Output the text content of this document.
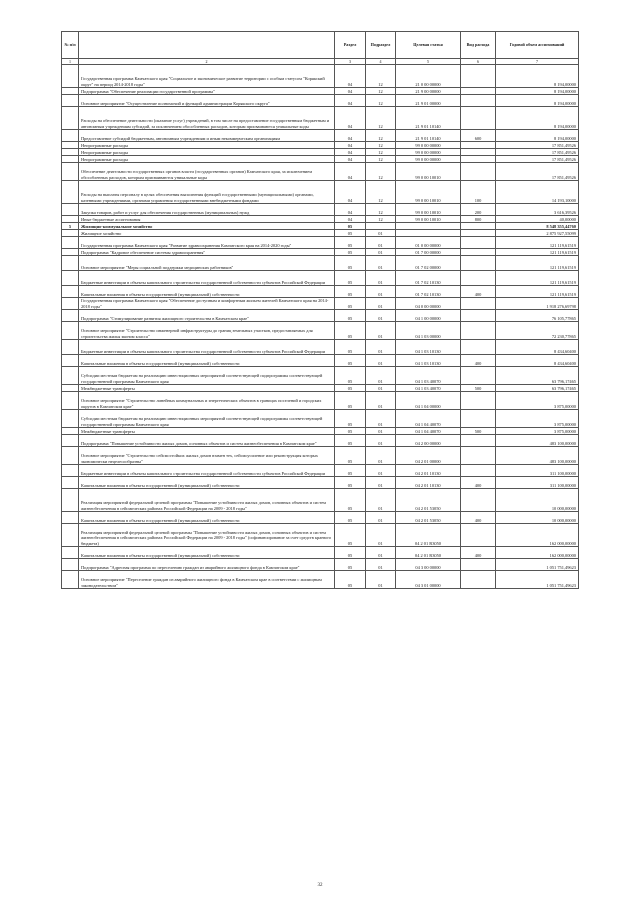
№ п/п		Раздел	Подраздел	Целевая статья	Вид расхода	Годовой объем ассигнований
1	2	3	4	5	6	7
	Государственная программа Камчатского края "Социальное и экономическое развитие территории с особым статусом "Корякский округ" на период 2014-2018 годы"	04	12	21 0 00 00000		8 194,00000
	Подпрограмма "Обеспечение реализации государственной программы"	04	12	21 9 00 00000		8 194,00000
	Основное мероприятие "Осуществление полномочий и функций администрации Корякского округа"	04	12	21 9 01 00000		8 194,00000
	Расходы на обеспечение деятельности (оказание услуг) учреждений, в том числе на предоставление государственным бюджетным и автономным учреждениям субсидий, за исключением обособленных расходов, которым присваиваются уникальные коды	04	12	21 9 01 10140		8 194,00000
	Предоставление субсидий бюджетным, автономным учреждениям и иным некоммерческим организациям	04	12	21 9 01 10140	600	8 194,00000
	Непрограммные расходы	04	12	99 0 00 00000		17 851,49526
	Непрограммные расходы	04	12	99 0 00 00000		17 851,49526
	Непрограммные расходы	04	12	99 0 00 00000		17 851,49526
	Обеспечение деятельности государственных органов власти (государственных органов) Камчатского края, за исключением обособленных расходов, которым присваиваются уникальные коды	04	12	99 0 00 10010		17 851,49526
	Расходы на выплаты персоналу в целях обеспечения выполнения функций государственными (муниципальными) органами, казенными учреждениями, органами управления государственными внебюджетными фондами	04	12	99 0 00 10010	100	14 193,10000
	Закупка товаров, работ и услуг для обеспечения государственных (муниципальных) нужд	04	12	99 0 00 10010	200	3 616,39526
	Иные бюджетные ассигнования	04	12	99 0 00 10010	800	40,00000
5	Жилищно-коммунальное хозяйство	05				8 548 355,44760
	Жилищное хозяйство	05	01			2 875 927,55099
	Государственная программа Камчатского края "Развитие здравоохранения Камчатского края на 2014-2020 годы"	05	01	01 0 00 00000		121 119,61519
	Подпрограмма "Кадровое обеспечение системы здравоохранения"	05	01	01 7 00 00000		121 119,61519
	Основное мероприятие "Меры социальной поддержки медицинских работников"	05	01	01 7 02 00000		121 119,61519
	Бюджетные инвестиции в объекты капитального строительства государственной собственности субъектов Российской Федерации	05	01	01 7 02 10130		121 119,61519
	Капитальные вложения в объекты государственной (муниципальной) собственности	05	01	01 7 02 10130	400	121 119,61519
	Государственная программа Камчатского края "Обеспечение доступным и комфортным жильем жителей Камчатского края на 2014-2018 годы"	05	01	04 0 00 00000		1 918 276,69798
	Подпрограмма "Стимулирование развития жилищного строительства в Камчатском крае"	05	01	04 1 00 00000		76 105,77865
	Основное мероприятие "Строительство инженерной инфраструктуры до границ земельных участков, предоставляемых для строительства жилья эконом класса"	05	01	04 1 03 00000		72 230,77865
	Бюджетные инвестиции в объекты капитального строительства государственной собственности субъектов Российской Федерации	05	01	04 1 03 10130		8 434,60400
	Капитальные вложения в объекты государственной (муниципальной) собственности	05	01	04 1 03 10130	400	8 434,60400
	Субсидии местным бюджетам на реализацию инвестиционных мероприятий соответствующей подпрограммы соответствующей государственной программы Камчатского края	05	01	04 1 03 40070		63 796,17465
	Межбюджетные трансферты	05	01	04 1 03 40070	500	63 796,17465
	Основное мероприятие "Строительство линейных коммунальных и энергетических объектов в границах поселений и городских округов в Камчатском крае"	05	01	04 1 04 00000		3 875,00000
	Субсидии местным бюджетам на реализацию инвестиционных мероприятий соответствующей подпрограммы соответствующей государственной программы Камчатского края	05	01	04 1 04 40070		3 875,00000
	Межбюджетные трансферты	05	01	04 1 04 40070	500	3 875,00000
	Подпрограмма "Повышение устойчивости жилых домов, основных объектов и систем жизнеобеспечения в Камчатском крае"	05	01	04 2 00 00000		483 100,00000
	Основное мероприятие "Строительство сейсмостойких жилых домов взамен тех, сейсмоусиление или реконструкция которых экономически нецелесообразны"	05	01	04 2 01 00000		483 100,00000
	Бюджетные инвестиции в объекты капитального строительства государственной собственности субъектов Российской Федерации	05	01	04 2 01 10130		311 100,00000
	Капитальные вложения в объекты государственной (муниципальной) собственности	05	01	04 2 01 10130	400	311 100,00000
	Реализация мероприятий федеральной целевой программы "Повышение устойчивости жилых домов, основных объектов и систем жизнеобеспечения в сейсмических районах Российской Федерации на 2009 - 2018 годы"	05	01	04 2 01 53050		10 000,00000
	Капитальные вложения в объекты государственной (муниципальной) собственности	05	01	04 2 01 53050	400	10 000,00000
	Реализация мероприятий федеральной целевой программы "Повышение устойчивости жилых домов, основных объектов и систем жизнеобеспечения в сейсмических районах Российской Федерации на 2009 - 2018 годы" (софинансирование за счет средств краевого бюджета)	05	01	04 2 01 R3050		162 000,00000
	Капитальные вложения в объекты государственной (муниципальной) собственности	05	01	04 2 01 R3050	400	162 000,00000
	Подпрограмма "Адресная программа по переселению граждан из аварийного жилищного фонда в Камчатском крае"	05	01	04 3 00 00000		1 051 751,49623
	Основное мероприятие "Переселение граждан из аварийного жилищного фонда в Камчатском крае в соответствии с жилищным законодательством"	05	01	04 3 01 00000		1 051 751,49623
32
